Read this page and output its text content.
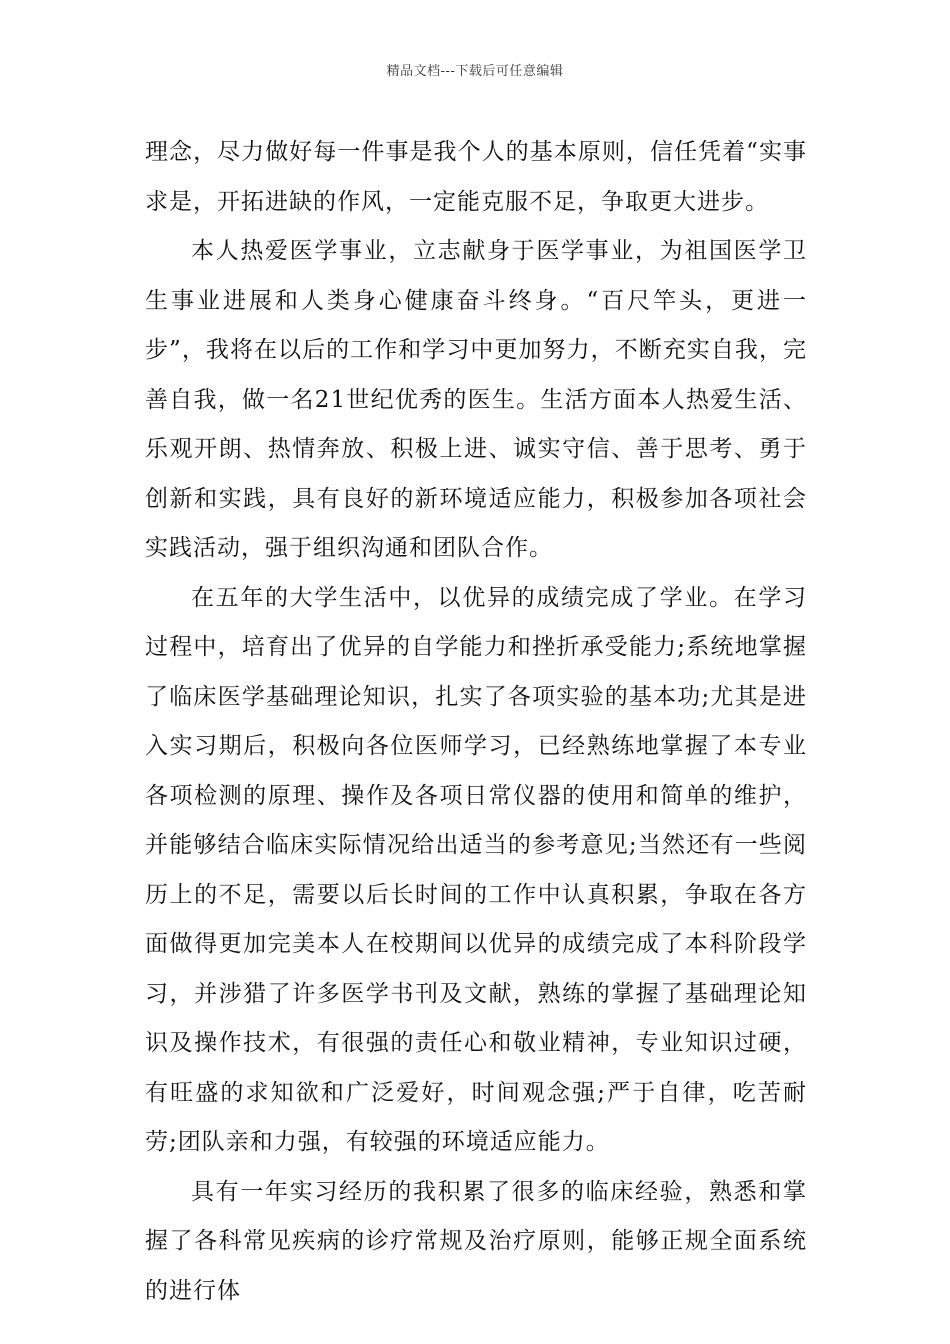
精品文档---下载后可任意编辑

理念，尽力做好每一件事是我个人的基本原则，信任凭着“实事求是，开拓进缺的作风，一定能克服不足，争取更大进步。

本人热爱医学事业，立志献身于医学事业，为祖国医学卫生事业进展和人类身心健康奋斗终身。“百尺竿头，更进一步”，我将在以后的工作和学习中更加努力，不断充实自我，完善自我，做一名21世纪优秀的医生。生活方面本人热爱生活、乐观开朗、热情奔放、积极上进、诚实守信、善于思考、勇于创新和实践，具有良好的新环境适应能力，积极参加各项社会实践活动，强于组织沟通和团队合作。

在五年的大学生活中，以优异的成绩完成了学业。在学习过程中，培育出了优异的自学能力和挫折承受能力;系统地掌握了临床医学基础理论知识，扎实了各项实验的基本功;尤其是进入实习期后，积极向各位医师学习，已经熟练地掌握了本专业各项检测的原理、操作及各项日常仪器的使用和简单的维护，并能够结合临床实际情况给出适当的参考意见;当然还有一些阅历上的不足，需要以后长时间的工作中认真积累，争取在各方面做得更加完美本人在校期间以优异的成绩完成了本科阶段学习，并涉猎了许多医学书刊及文献，熟练的掌握了基础理论知识及操作技术，有很强的责任心和敬业精神，专业知识过硬，有旺盛的求知欲和广泛爱好，时间观念强;严于自律，吃苦耐劳;团队亲和力强，有较强的环境适应能力。

具有一年实习经历的我积累了很多的临床经验，熟悉和掌握了各科常见疾病的诊疗常规及治疗原则，能够正规全面系统的进行体
